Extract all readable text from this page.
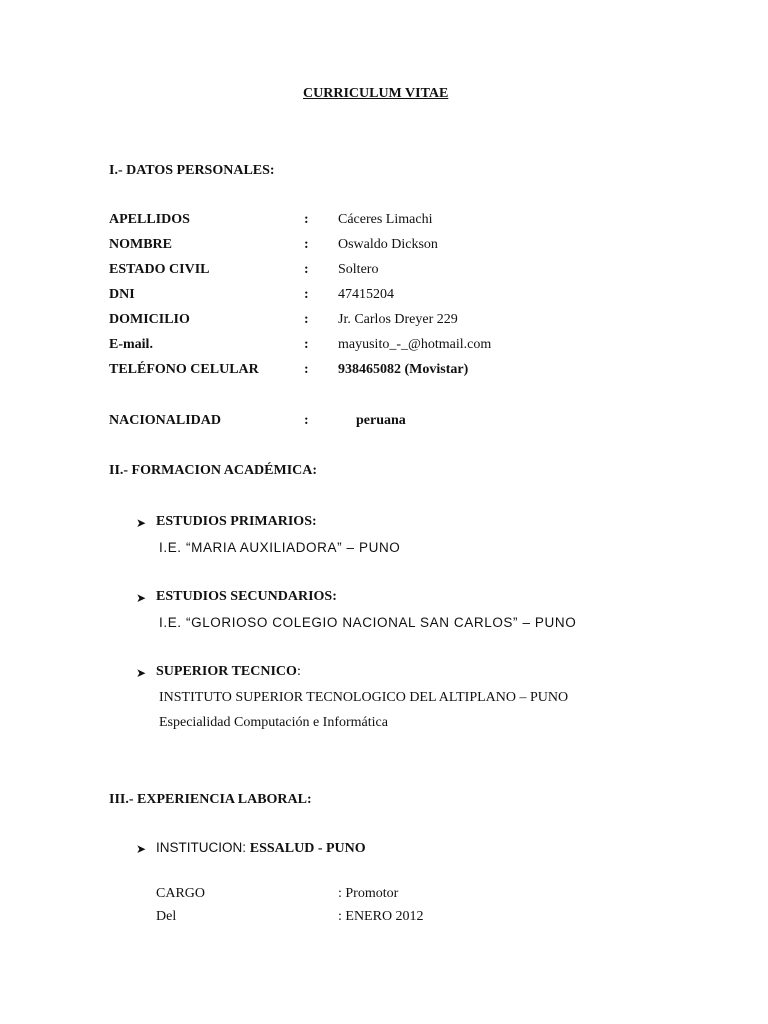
CURRICULUM VITAE
I.- DATOS PERSONALES:
APELLIDOS	: Cáceres Limachi
NOMBRE	: Oswaldo Dickson
ESTADO CIVIL	: Soltero
DNI	: 47415204
DOMICILIO	: Jr. Carlos Dreyer 229
E-mail.	: mayusito_-_@hotmail.com
TELÉFONO CELULAR	: 938465082 (Movistar)
NACIONALIDAD	:	peruana
II.- FORMACION ACADÉMICA:
➤ ESTUDIOS PRIMARIOS:
I.E. “MARIA AUXILIADORA” – PUNO
➤ ESTUDIOS SECUNDARIOS:
I.E. “GLORIOSO COLEGIO NACIONAL SAN CARLOS” – PUNO
➤ SUPERIOR TECNICO:
INSTITUTO SUPERIOR TECNOLOGICO DEL ALTIPLANO – PUNO
Especialidad Computación e Informática
III.- EXPERIENCIA LABORAL:
➤ INSTITUCION: ESSALUD - PUNO
CARGO	: Promotor
Del	: ENERO 2012
